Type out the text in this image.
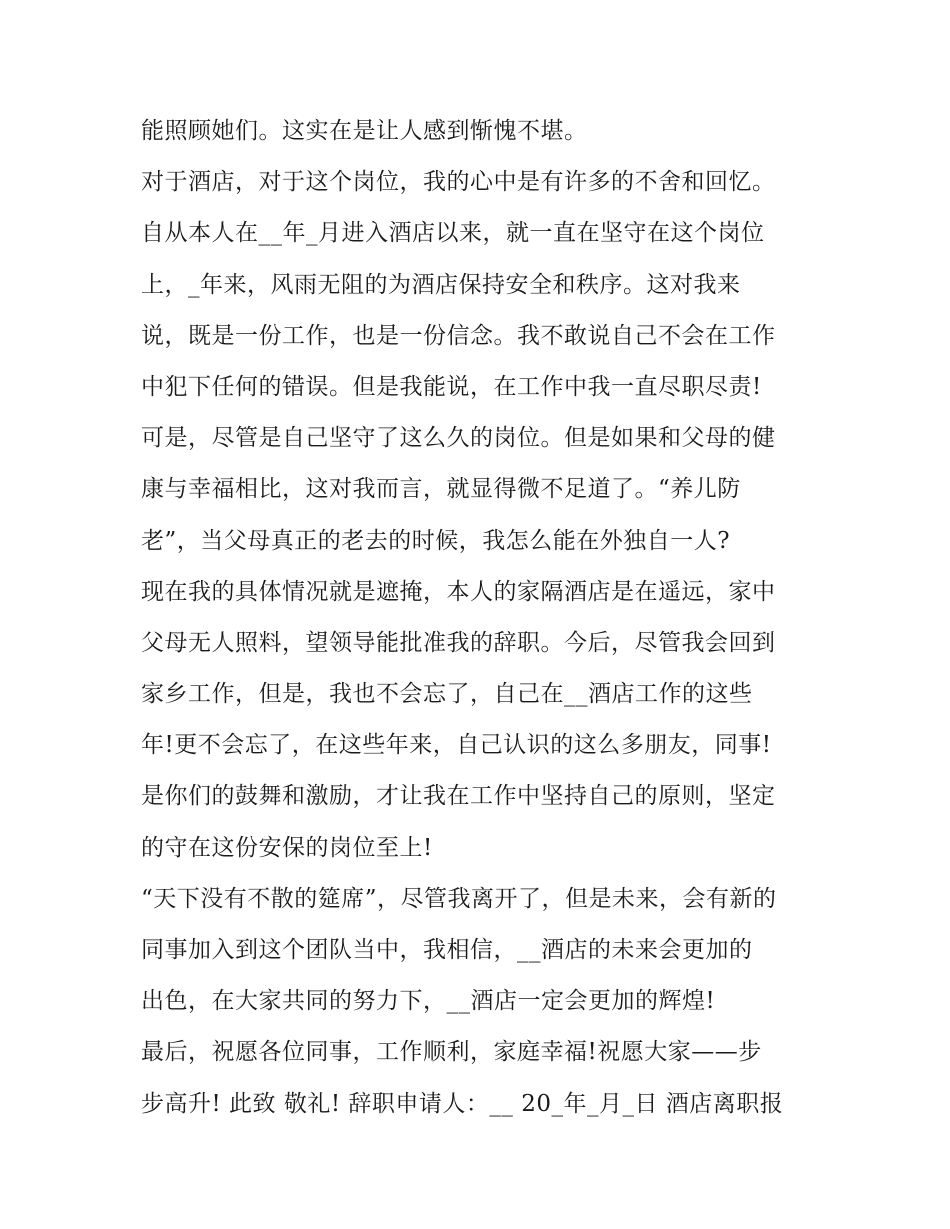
能照顾她们。这实在是让人感到惭愧不堪。
对于酒店，对于这个岗位，我的心中是有许多的不舍和回忆。
自从本人在__年_月进入酒店以来，就一直在坚守在这个岗位
上，_年来，风雨无阻的为酒店保持安全和秩序。这对我来
说，既是一份工作，也是一份信念。我不敢说自己不会在工作
中犯下任何的错误。但是我能说，在工作中我一直尽职尽责!
可是，尽管是自己坚守了这么久的岗位。但是如果和父母的健
康与幸福相比，这对我而言，就显得微不足道了。“养儿防
老”，当父母真正的老去的时候，我怎么能在外独自一人?
现在我的具体情况就是遮掩，本人的家隔酒店是在遥远，家中
父母无人照料，望领导能批准我的辞职。今后，尽管我会回到
家乡工作，但是，我也不会忘了，自己在__酒店工作的这些
年!更不会忘了，在这些年来，自己认识的这么多朋友，同事!
是你们的鼓舞和激励，才让我在工作中坚持自己的原则，坚定
的守在这份安保的岗位至上!
“天下没有不散的筵席”，尽管我离开了，但是未来，会有新的
同事加入到这个团队当中，我相信，__酒店的未来会更加的
出色，在大家共同的努力下，__酒店一定会更加的辉煌!
最后，祝愿各位同事，工作顺利，家庭幸福!祝愿大家——步
步高升! 此致 敬礼! 辞职申请人：__ 20_年_月_日 酒店离职报
